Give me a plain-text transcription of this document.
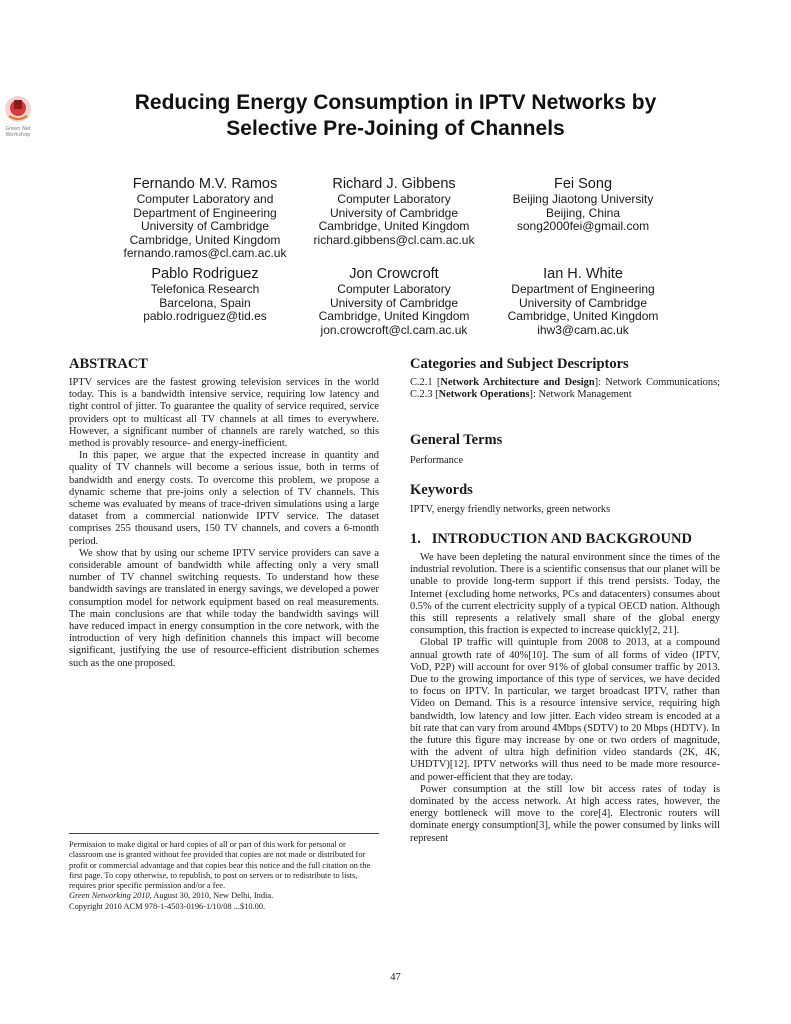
Green Net Workshop
Reducing Energy Consumption in IPTV Networks by
Selective Pre-Joining of Channels
Fernando M.V. Ramos
Computer Laboratory and
Department of Engineering
University of Cambridge
Cambridge, United Kingdom
fernando.ramos@cl.cam.ac.uk
Richard J. Gibbens
Computer Laboratory
University of Cambridge
Cambridge, United Kingdom
richard.gibbens@cl.cam.ac.uk
Fei Song
Beijing Jiaotong University
Beijing, China
song2000fei@gmail.com
Pablo Rodriguez
Telefonica Research
Barcelona, Spain
pablo.rodriguez@tid.es
Jon Crowcroft
Computer Laboratory
University of Cambridge
Cambridge, United Kingdom
jon.crowcroft@cl.cam.ac.uk
Ian H. White
Department of Engineering
University of Cambridge
Cambridge, United Kingdom
ihw3@cam.ac.uk
ABSTRACT

IPTV services are the fastest growing television services in the world today. This is a bandwidth intensive service, requiring low latency and tight control of jitter. To guarantee the quality of service required, service providers opt to multicast all TV channels at all times to everywhere. However, a significant number of channels are rarely watched, so this method is provably resource- and energy-inefficient.

In this paper, we argue that the expected increase in quantity and quality of TV channels will become a serious issue, both in terms of bandwidth and energy costs. To overcome this problem, we propose a dynamic scheme that pre-joins only a selection of TV channels. This scheme was evaluated by means of trace-driven simulations using a large dataset from a commercial nationwide IPTV service. The dataset comprises 255 thousand users, 150 TV channels, and covers a 6-month period.

We show that by using our scheme IPTV service providers can save a considerable amount of bandwidth while affecting only a very small number of TV channel switching requests. To understand how these bandwidth savings are translated in energy savings, we developed a power consumption model for network equipment based on real measurements. The main conclusions are that while today the bandwidth savings will have reduced impact in energy consumption in the core network, with the introduction of very high definition channels this impact will become significant, justifying the use of resource-efficient distribution schemes such as the one proposed.

Permission to make digital or hard copies of all or part of this work for personal or classroom use is granted without fee provided that copies are not made or distributed for profit or commercial advantage and that copies bear this notice and the full citation on the first page. To copy otherwise, to republish, to post on servers or to redistribute to lists, requires prior specific permission and/or a fee.

Green Networking 2010, August 30, 2010, New Delhi, India.

Copyright 2010 ACM 978-1-4503-0196-1/10/08 ...$10.00.

Categories and Subject Descriptors

C.2.1 [Network Architecture and Design]: Network Communications; C.2.3 [Network Operations]: Network Management

General Terms
Performance
Keywords
IPTV, energy friendly networks, green networks
1.   INTRODUCTION AND BACKGROUND

We have been depleting the natural environment since the times of the industrial revolution. There is a scientific consensus that our planet will be unable to provide long-term support if this trend persists. Today, the Internet (excluding home networks, PCs and datacenters) consumes about 0.5% of the current electricity supply of a typical OECD nation. Although this still represents a relatively small share of the global energy consumption, this fraction is expected to increase quickly[2, 21].

Global IP traffic will quintuple from 2008 to 2013, at a compound annual growth rate of 40%[10]. The sum of all forms of video (IPTV, VoD, P2P) will account for over 91% of global consumer traffic by 2013. Due to the growing importance of this type of services, we have decided to focus on IPTV. In particular, we target broadcast IPTV, rather than Video on Demand. This is a resource intensive service, requiring high bandwidth, low latency and low jitter. Each video stream is encoded at a bit rate that can vary from around 4Mbps (SDTV) to 20 Mbps (HDTV). In the future this figure may increase by one or two orders of magnitude, with the advent of ultra high definition video standards (2K, 4K, UHDTV)[12]. IPTV networks will thus need to be made more resource- and power-efficient that they are today.

Power consumption at the still low bit access rates of today is dominated by the access network. At high access rates, however, the energy bottleneck will move to the core[4]. Electronic routers will dominate energy consumption[3], while the power consumed by links will represent

47
